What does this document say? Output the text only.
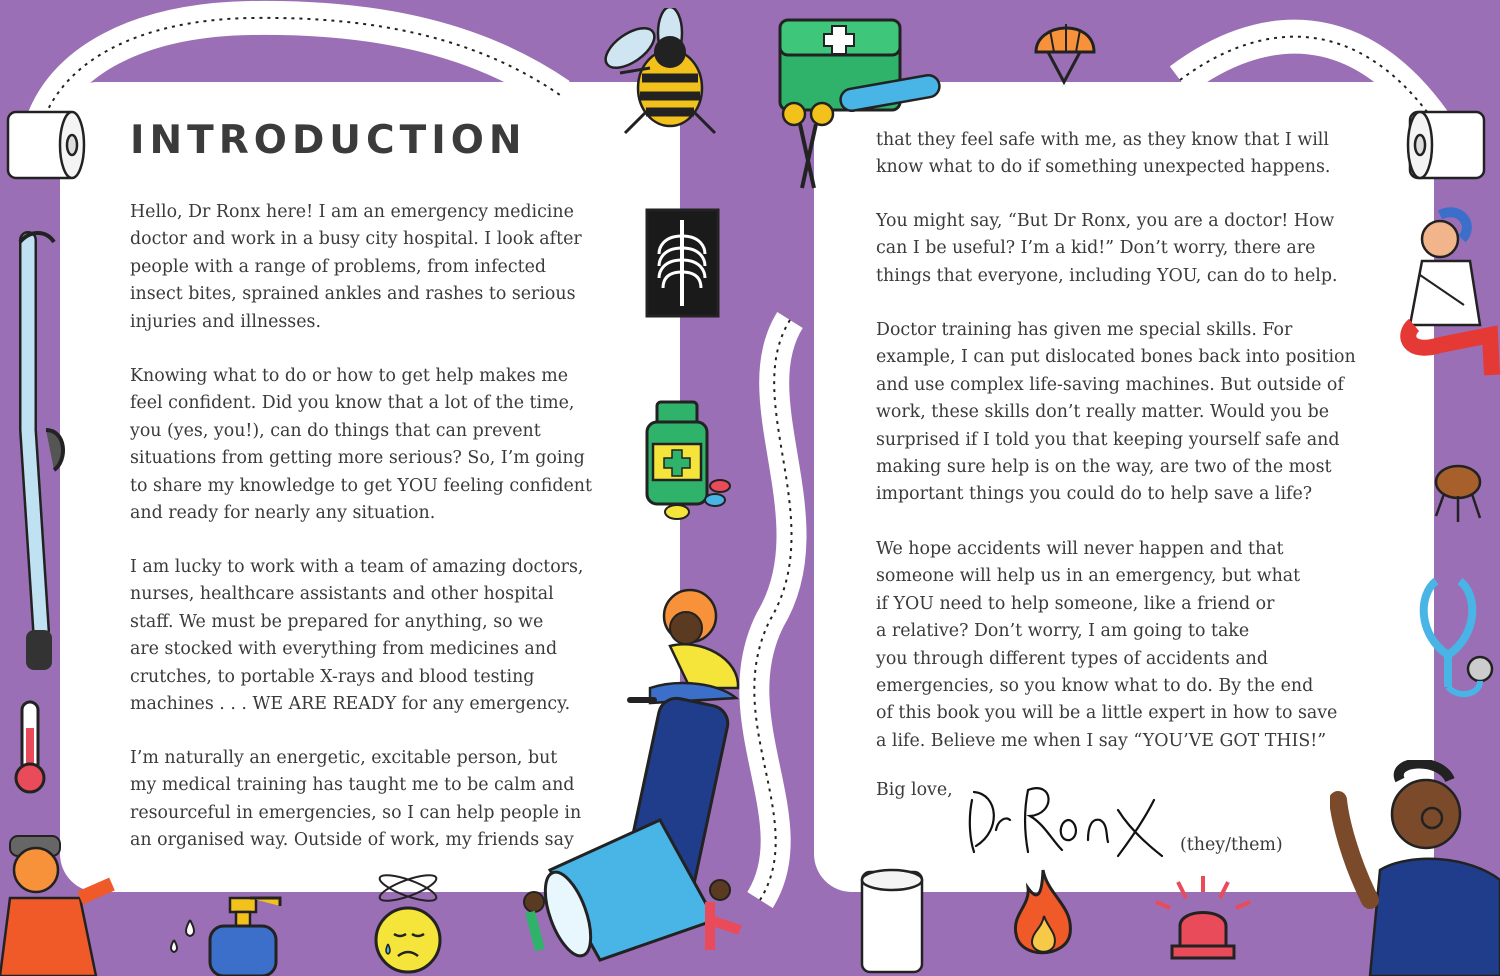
INTRODUCTION
Hello, Dr Ronx here! I am an emergency medicine
doctor and work in a busy city hospital. I look after
people with a range of problems, from infected
insect bites, sprained ankles and rashes to serious
injuries and illnesses.
Knowing what to do or how to get help makes me
feel confident. Did you know that a lot of the time,
you (yes, you!), can do things that can prevent
situations from getting more serious? So, I’m going
to share my knowledge to get YOU feeling confident
and ready for nearly any situation.
I am lucky to work with a team of amazing doctors,
nurses, healthcare assistants and other hospital
staff. We must be prepared for anything, so we
are stocked with everything from medicines and
crutches, to portable X-rays and blood testing
machines . . . WE ARE READY for any emergency.
I’m naturally an energetic, excitable person, but
my medical training has taught me to be calm and
resourceful in emergencies, so I can help people in
an organised way. Outside of work, my friends say
that they feel safe with me, as they know that I will
know what to do if something unexpected happens.
You might say, “But Dr Ronx, you are a doctor! How
can I be useful? I’m a kid!” Don’t worry, there are
things that everyone, including YOU, can do to help.
Doctor training has given me special skills. For
example, I can put dislocated bones back into position
and use complex life-saving machines. But outside of
work, these skills don’t really matter. Would you be
surprised if I told you that keeping yourself safe and
making sure help is on the way, are two of the most
important things you could do to help save a life?
We hope accidents will never happen and that
someone will help us in an emergency, but what
if YOU need to help someone, like a friend or
a relative? Don’t worry, I am going to take
you through different types of accidents and
emergencies, so you know what to do. By the end
of this book you will be a little expert in how to save
a life. Believe me when I say “YOU’VE GOT THIS!”
Big love,
(they/them)
